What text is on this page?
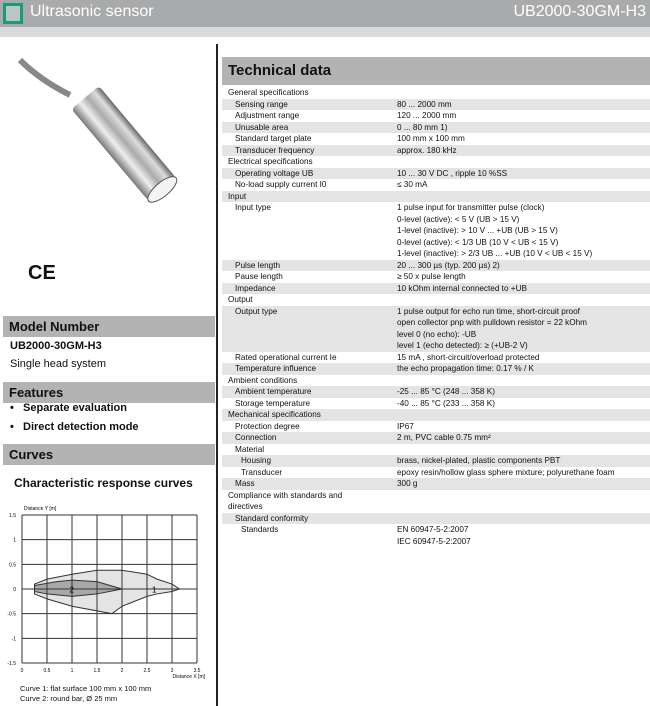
Ultrasonic sensor	UB2000-30GM-H3
CE
Model Number
UB2000-30GM-H3
Single head system
Features
•   Separate evaluation
•   Direct detection mode
Curves
Characteristic response curves
0	0.5	1	1.5	2	2.5	3	3.5
1.5
1
0.5
0
-0.5
-1
-1.5
Distance Y [m]
Distance X [m]
2	1
Curve 1: flat surface 100 mm x 100 mm
Curve 2: round bar, Ø 25 mm
Technical data
General specifications
Sensing range	80 ... 2000 mm
Adjustment range	120 ... 2000 mm
Unusable area	0 ... 80 mm 1)
Standard target plate	100 mm x 100 mm
Transducer frequency	approx. 180 kHz
Electrical specifications
Operating voltage UB	10 ... 30 V DC , ripple 10 %SS
No-load supply current I0	≤ 30 mA
Input
Input type	1 pulse input for transmitter pulse (clock)
0-level (active): < 5 V (UB > 15 V)
1-level (inactive): > 10 V ... +UB (UB > 15 V)
0-level (active): < 1/3 UB (10 V < UB < 15 V)
1-level (inactive): > 2/3 UB ... +UB (10 V < UB < 15 V)
Pulse length	20 ... 300 µs (typ. 200 µs) 2)
Pause length	≥ 50 x pulse length
Impedance	10 kOhm internal connected to +UB
Output
Output type	1 pulse output for echo run time, short-circuit proof
open collector pnp with pulldown resistor = 22 kOhm
level 0 (no echo): -UB
level 1 (echo detected): ≥ (+UB-2 V)
Rated operational current Ie	15 mA , short-circuit/overload protected
Temperature influence	the echo propagation time: 0.17 % / K
Ambient conditions
Ambient temperature	-25 ... 85 °C (248 ... 358 K)
Storage temperature	-40 ... 85 °C (233 ... 358 K)
Mechanical specifications
Protection degree	IP67
Connection	2 m, PVC cable 0.75 mm²
Material
Housing	brass, nickel-plated, plastic components PBT
Transducer	epoxy resin/hollow glass sphere mixture; polyurethane foam
Mass	300 g
Compliance with standards and
directives
Standard conformity
Standards	EN 60947-5-2:2007
IEC 60947-5-2:2007
